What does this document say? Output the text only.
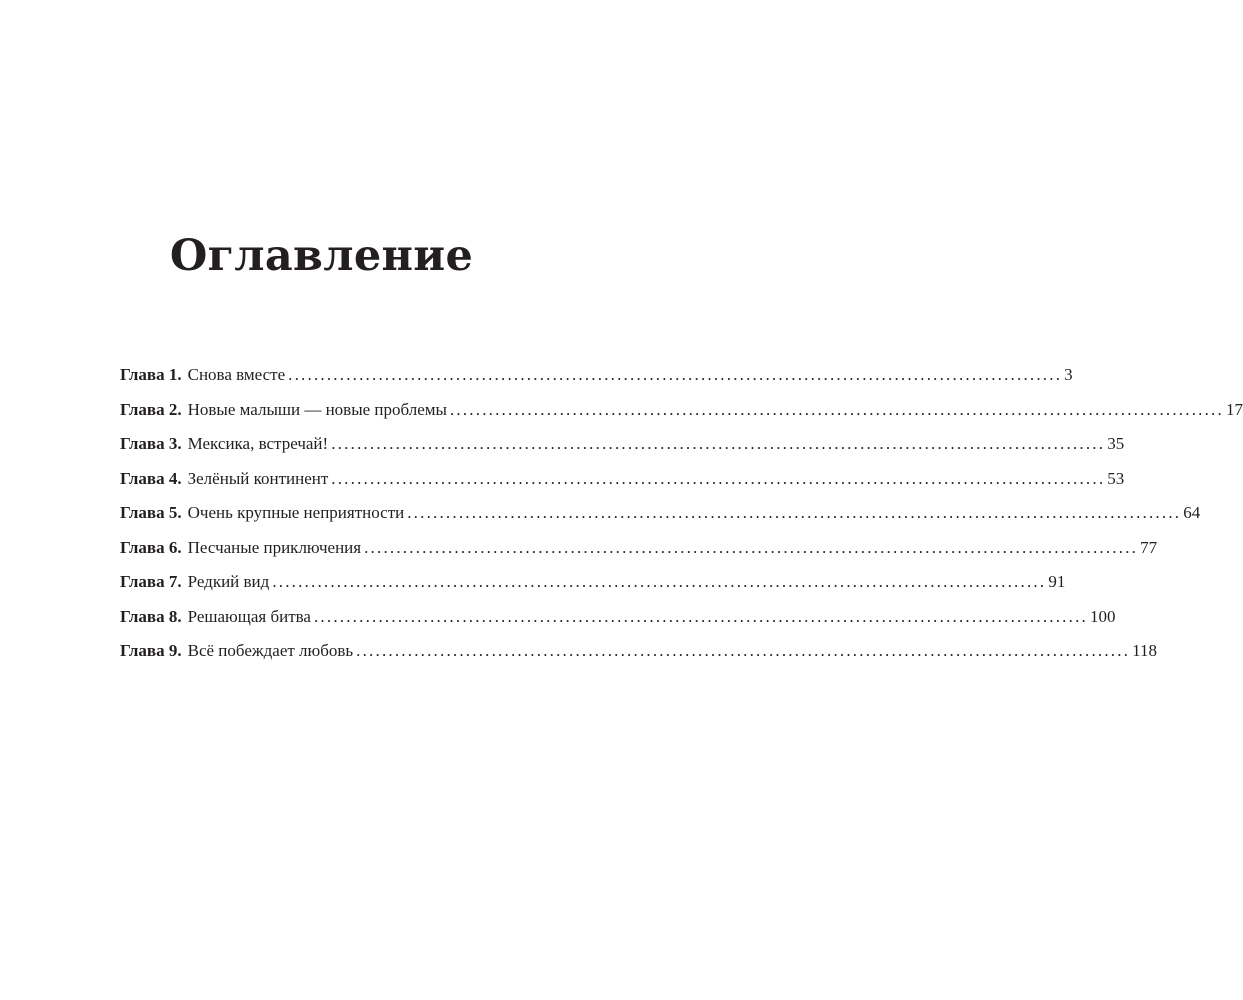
Оглавление
Глава 1. Снова вместе ........................................................................................................................ 3
Глава 2. Новые малыши — новые проблемы ........................................................................................................................ 17
Глава 3. Мексика, встречай! ........................................................................................................................ 35
Глава 4. Зелёный континент ........................................................................................................................ 53
Глава 5. Очень крупные неприятности ........................................................................................................................ 64
Глава 6. Песчаные приключения ........................................................................................................................ 77
Глава 7. Редкий вид ........................................................................................................................ 91
Глава 8. Решающая битва ........................................................................................................................ 100
Глава 9. Всё побеждает любовь ........................................................................................................................ 118
